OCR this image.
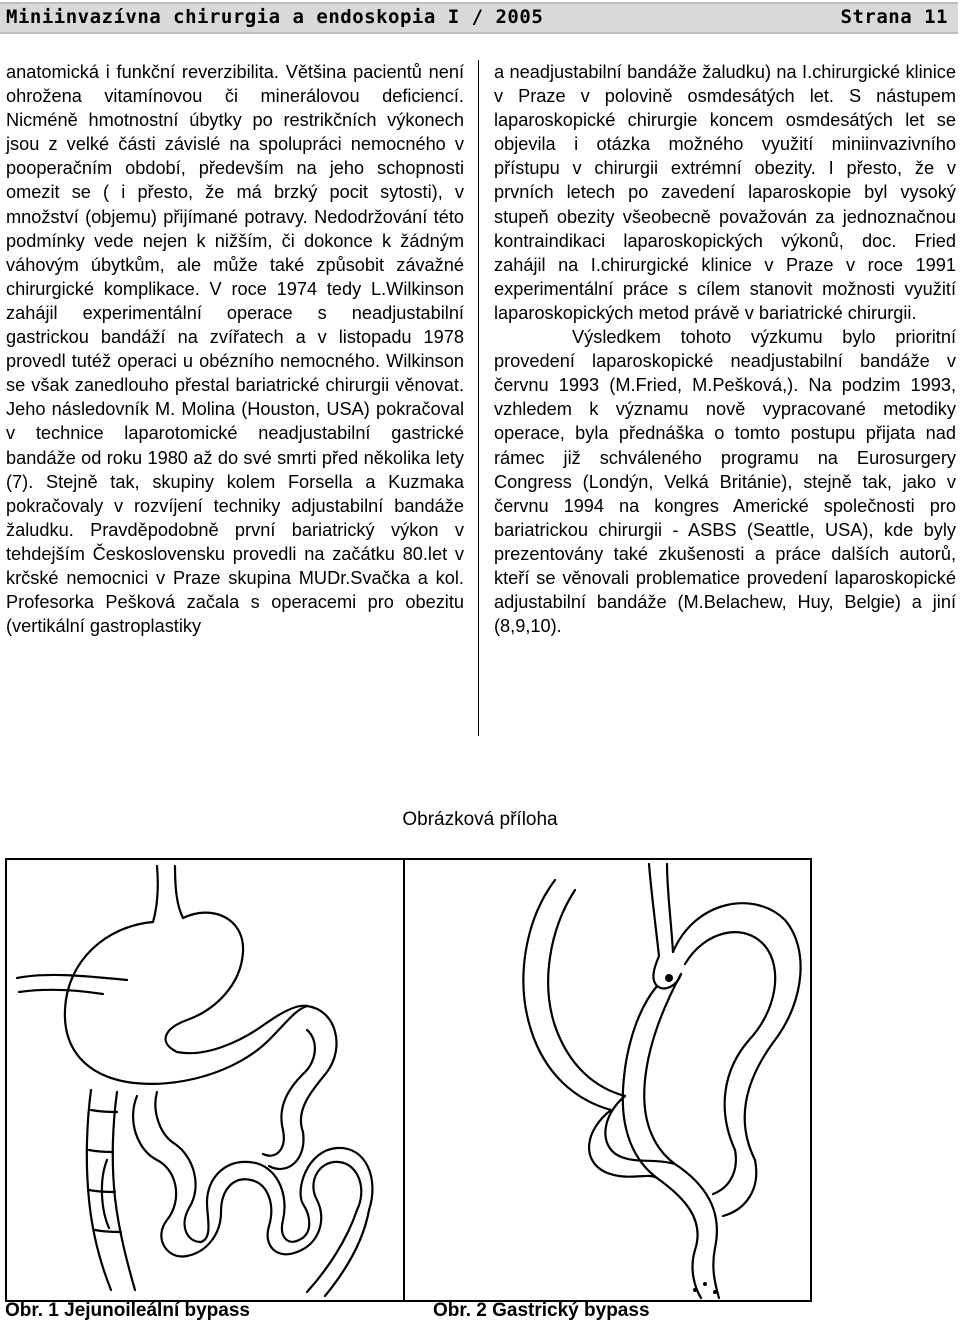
Miniinvazívna chirurgia a endoskopia I / 2005	Strana 11

anatomická i funkční reverzibilita. Většina pacientů není ohrožena vitamínovou či minerálovou deficiencí. Nicméně hmotnostní úbytky po restrikčních výkonech jsou z velké části závislé na spolupráci nemocného v pooperačním období, především na jeho schopnosti omezit se ( i přesto, že má brzký pocit sytosti), v množství (objemu) přijímané potravy. Nedodržování této podmínky vede nejen k nižším, či dokonce k žádným váhovým úbytkům, ale může také způsobit závažné chirurgické komplikace. V roce 1974 tedy L.Wilkinson zahájil experimentální operace s neadjustabilní gastrickou bandáží na zvířatech a v listopadu 1978 provedl tutéž operaci u obézního nemocného. Wilkinson se však zanedlouho přestal bariatrické chirurgii věnovat. Jeho následovník M. Molina (Houston, USA) pokračoval v technice laparotomické neadjustabilní gastrické bandáže od roku 1980 až do své smrti před několika lety (7). Stejně tak, skupiny kolem Forsella a Kuzmaka pokračovaly v rozvíjení techniky adjustabilní bandáže žaludku. Pravděpodobně první bariatrický výkon v tehdejším Československu provedli na začátku 80.let v krčské nemocnici v Praze skupina MUDr.Svačka a kol. Profesorka Pešková začala s operacemi pro obezitu (vertikální gastroplastiky

a neadjustabilní bandáže žaludku) na I.chirurgické klinice v Praze v polovině osmdesátých let. S nástupem laparoskopické chirurgie koncem osmdesátých let se objevila i otázka možného využití miniinvazivního přístupu v chirurgii extrémní obezity. I přesto, že v prvních letech po zavedení laparoskopie byl vysoký stupeň obezity všeobecně považován za jednoznačnou kontraindikaci laparoskopických výkonů, doc. Fried zahájil na I.chirurgické klinice v Praze v roce 1991 experimentální práce s cílem stanovit možnosti využití laparoskopických metod právě v bariatrické chirurgii.

Výsledkem tohoto výzkumu bylo prioritní provedení laparoskopické neadjustabilní bandáže v červnu 1993 (M.Fried, M.Pešková,). Na podzim 1993, vzhledem k významu nově vypracované metodiky operace, byla přednáška o tomto postupu přijata nad rámec již schváleného programu na Eurosurgery Congress (Londýn, Velká Británie), stejně tak, jako v červnu 1994 na kongres Americké společnosti pro bariatrickou chirurgii - ASBS (Seattle, USA), kde byly prezentovány také zkušenosti a práce dalších autorů, kteří se věnovali problematice provedení laparoskopické adjustabilní bandáže (M.Belachew, Huy, Belgie) a jiní (8,9,10).

Obrázková příloha
Obr. 1 Jejunoileální bypass	Obr. 2 Gastrický bypass
